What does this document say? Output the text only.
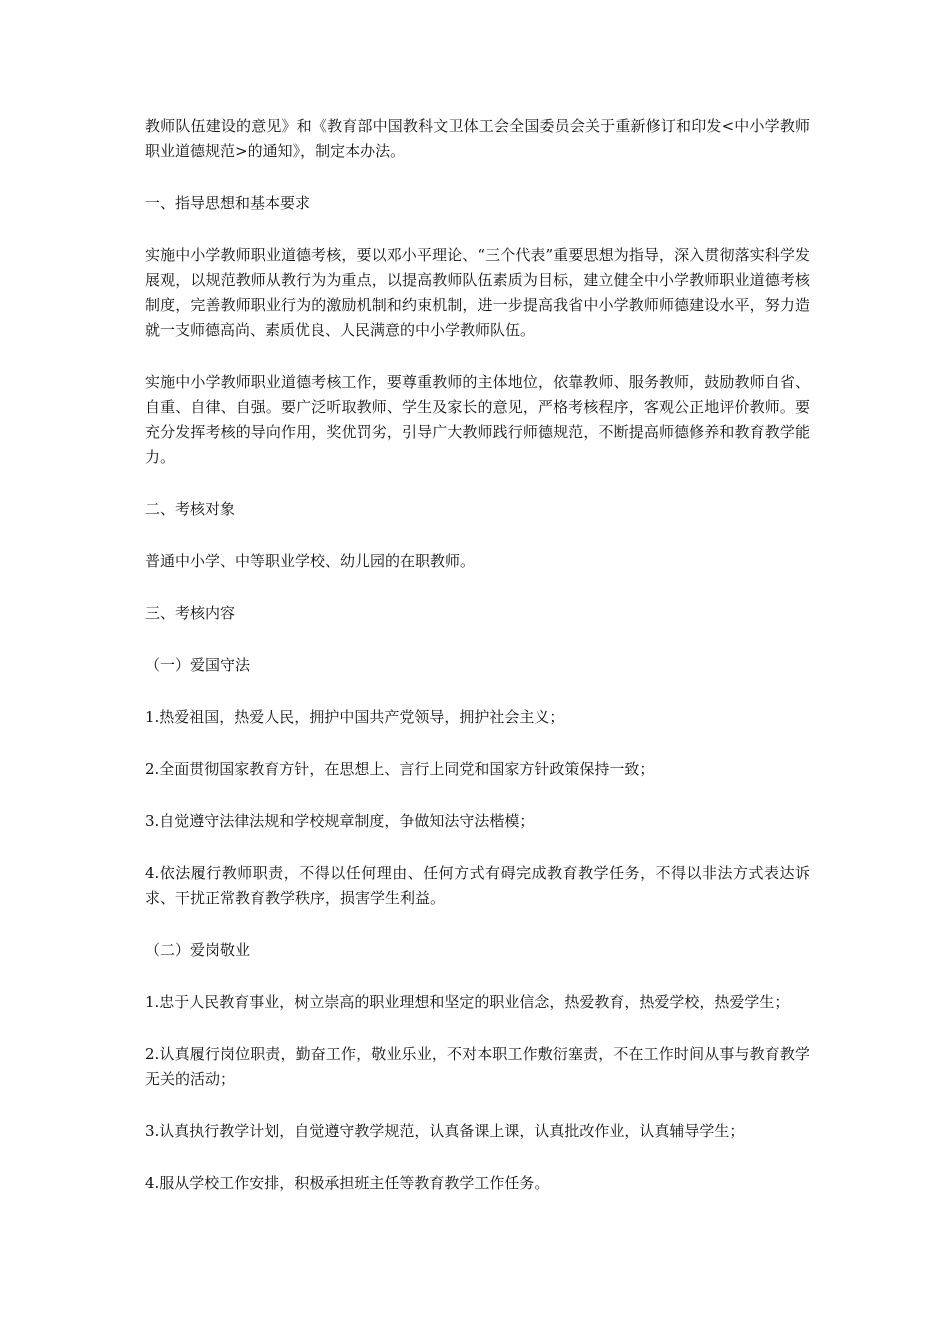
教师队伍建设的意见》和《教育部中国教科文卫体工会全国委员会关于重新修订和印发<中小学教师职业道德规范>的通知》，制定本办法。

一、指导思想和基本要求

实施中小学教师职业道德考核，要以邓小平理论、“三个代表”重要思想为指导，深入贯彻落实科学发展观，以规范教师从教行为为重点，以提高教师队伍素质为目标，建立健全中小学教师职业道德考核制度，完善教师职业行为的激励机制和约束机制，进一步提高我省中小学教师师德建设水平，努力造就一支师德高尚、素质优良、人民满意的中小学教师队伍。

实施中小学教师职业道德考核工作，要尊重教师的主体地位，依靠教师、服务教师，鼓励教师自省、自重、自律、自强。要广泛听取教师、学生及家长的意见，严格考核程序，客观公正地评价教师。要充分发挥考核的导向作用，奖优罚劣，引导广大教师践行师德规范，不断提高师德修养和教育教学能力。

二、考核对象

普通中小学、中等职业学校、幼儿园的在职教师。

三、考核内容

（一）爱国守法

1.热爱祖国，热爱人民，拥护中国共产党领导，拥护社会主义；

2.全面贯彻国家教育方针，在思想上、言行上同党和国家方针政策保持一致；

3.自觉遵守法律法规和学校规章制度，争做知法守法楷模；

4.依法履行教师职责，不得以任何理由、任何方式有碍完成教育教学任务，不得以非法方式表达诉求、干扰正常教育教学秩序，损害学生利益。

（二）爱岗敬业

1.忠于人民教育事业，树立崇高的职业理想和坚定的职业信念，热爱教育，热爱学校，热爱学生；

2.认真履行岗位职责，勤奋工作，敬业乐业，不对本职工作敷衍塞责，不在工作时间从事与教育教学无关的活动；

3.认真执行教学计划，自觉遵守教学规范，认真备课上课，认真批改作业，认真辅导学生；

4.服从学校工作安排，积极承担班主任等教育教学工作任务。
